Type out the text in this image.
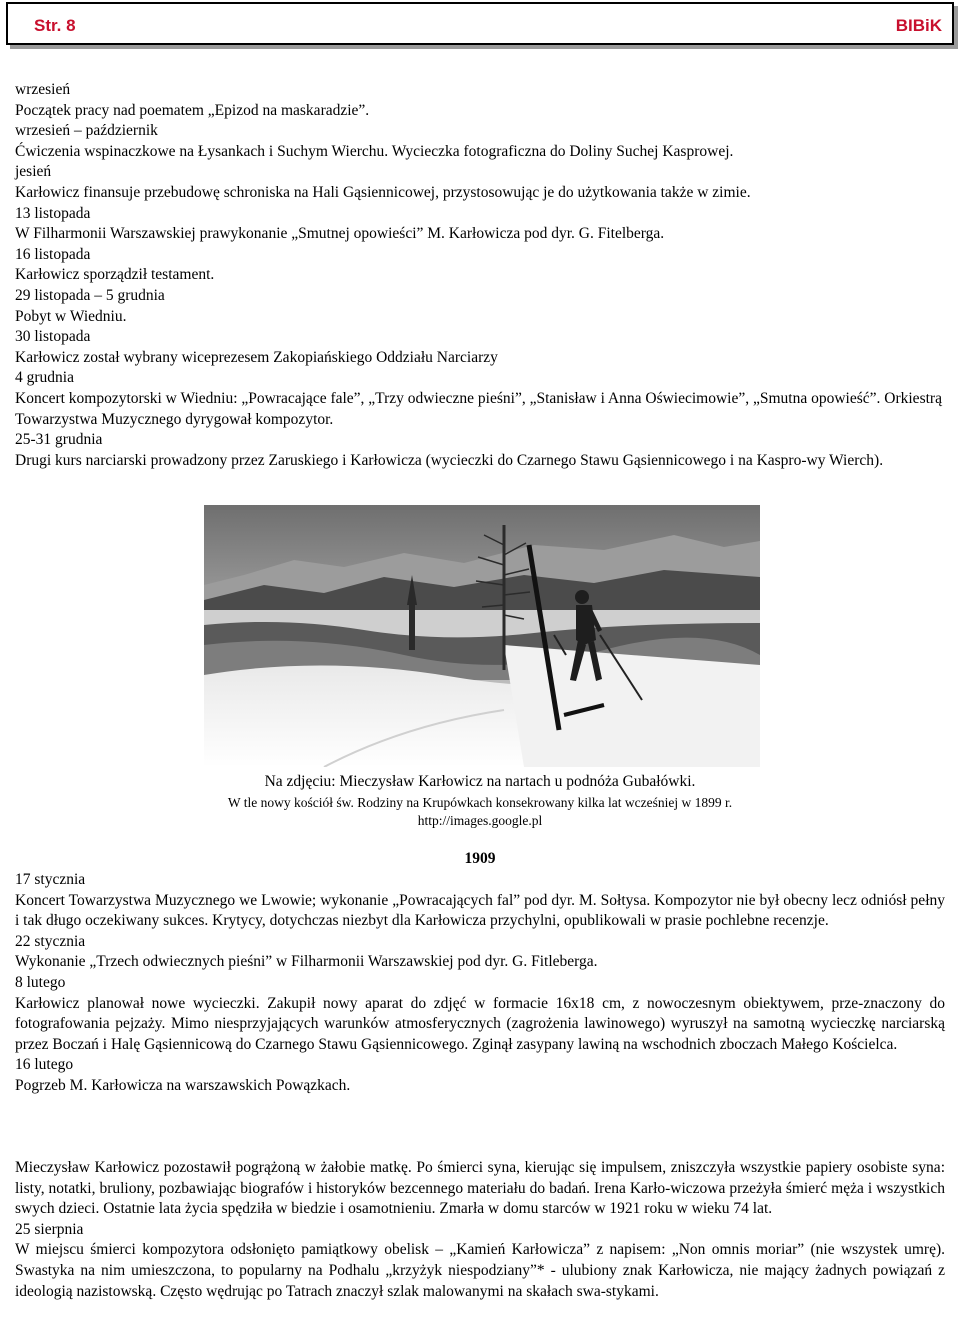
Str. 8	BIBiK

wrzesień
Początek pracy nad poematem „Epizod na maskaradzie”.

wrzesień – październik
Ćwiczenia wspinaczkowe na Łysankach i Suchym Wierchu. Wycieczka fotograficzna do Doliny Suchej Kasprowej.

jesień
Karłowicz finansuje przebudowę schroniska na Hali Gąsiennicowej, przystosowując je do użytkowania także w zimie.

13 listopada
W Filharmonii Warszawskiej prawykonanie „Smutnej opowieści” M. Karłowicza pod dyr. G. Fitelberga.

16 listopada
Karłowicz sporządził testament.

29 listopada – 5 grudnia
Pobyt w Wiedniu.

30 listopada
Karłowicz został wybrany wiceprezesem Zakopiańskiego Oddziału Narciarzy

4 grudnia
Koncert kompozytorski w Wiedniu: „Powracające fale”, „Trzy odwieczne pieśni”, „Stanisław i Anna Oświecimowie”, „Smutna opowieść”. Orkiestrą Towarzystwa Muzycznego dyrygował kompozytor.

25-31 grudnia
Drugi kurs narciarski prowadzony przez Zaruskiego i Karłowicza (wycieczki do Czarnego Stawu Gąsiennicowego i na Kaspro-wy Wierch).

Na zdjęciu: Mieczysław Karłowicz na nartach u podnóża Gubałówki.
W tle nowy kościół św. Rodziny na Krupówkach konsekrowany kilka lat wcześniej w 1899 r.
http://images.google.pl
1909

17 stycznia
Koncert Towarzystwa Muzycznego we Lwowie; wykonanie „Powracających fal” pod dyr. M. Sołtysa. Kompozytor nie był obecny lecz odniósł pełny i tak długo oczekiwany sukces. Krytycy, dotychczas niezbyt dla Karłowicza przychylni, opublikowali w prasie pochlebne recenzje.

22 stycznia
Wykonanie „Trzech odwiecznych pieśni” w Filharmonii Warszawskiej pod dyr. G. Fitleberga.

8 lutego
Karłowicz planował nowe wycieczki. Zakupił nowy aparat do zdjęć w formacie 16x18 cm, z nowoczesnym obiektywem, prze-znaczony do fotografowania pejzaży. Mimo niesprzyjających warunków atmosferycznych (zagrożenia lawinowego) wyruszył na samotną wycieczkę narciarską przez Boczań i Halę Gąsiennicową do Czarnego Stawu Gąsiennicowego. Zginął zasypany lawiną na wschodnich zboczach Małego Kościelca.

16 lutego
Pogrzeb M. Karłowicza na warszawskich Powązkach.

Mieczysław Karłowicz pozostawił pogrążoną w żałobie matkę. Po śmierci syna, kierując się impulsem, zniszczyła wszystkie papiery osobiste syna: listy, notatki, bruliony, pozbawiając biografów i historyków bezcennego materiału do badań. Irena Karło-wiczowa przeżyła śmierć męża i wszystkich swych dzieci. Ostatnie lata życia spędziła w biedzie i osamotnieniu. Zmarła w domu starców w 1921 roku w wieku 74 lat.

25 sierpnia
W miejscu śmierci kompozytora odsłonięto pamiątkowy obelisk – „Kamień Karłowicza” z napisem: „Non omnis moriar” (nie wszystek umrę). Swastyka na nim umieszczona, to popularny na Podhalu „krzyżyk niespodziany”* - ulubiony znak Karłowicza, nie mający żadnych powiązań z ideologią nazistowską. Często wędrując po Tatrach znaczył szlak malowanymi na skałach swa-stykami.
